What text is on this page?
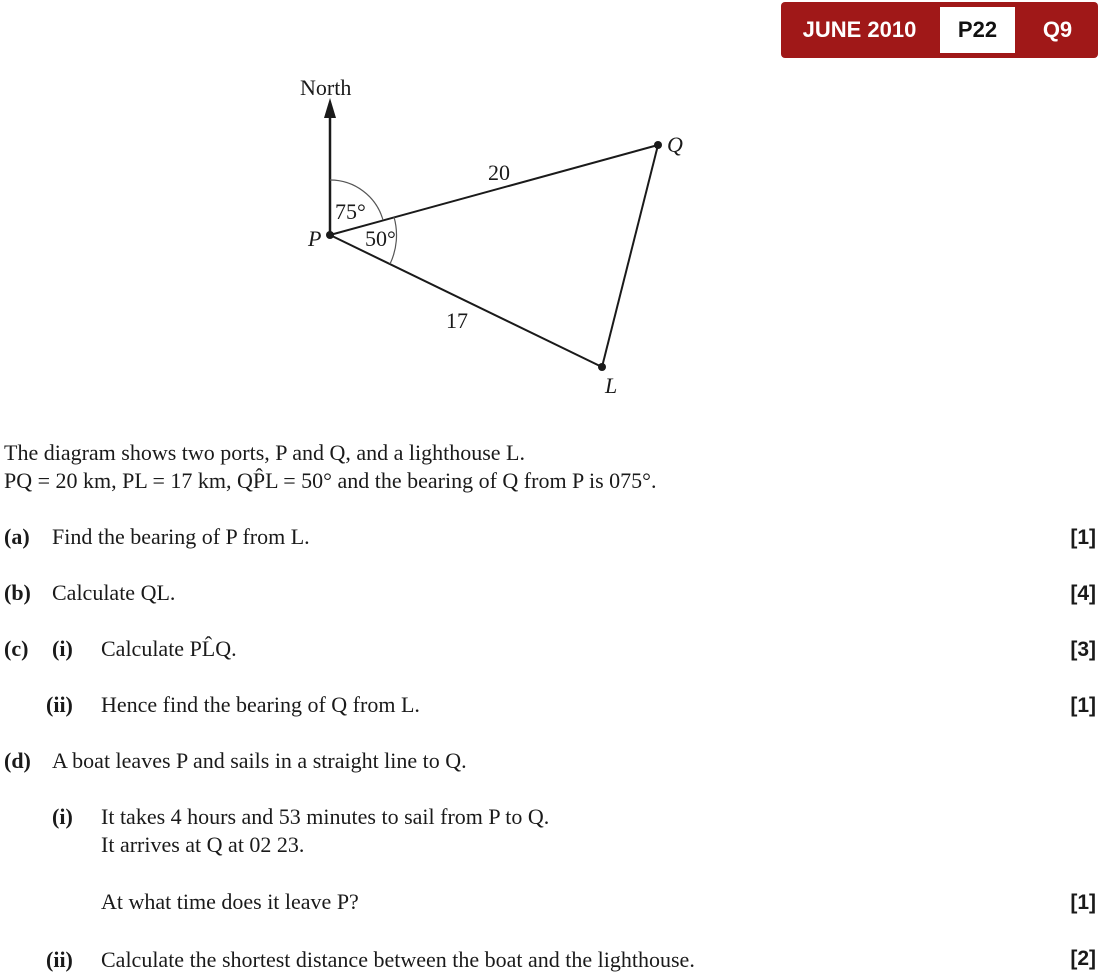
JUNE 2010	P22	Q9
North
P
Q
L
20
17
75°
50°
The diagram shows two ports, P and Q, and a lighthouse L.
PQ = 20 km, PL = 17 km, QP̂L = 50° and the bearing of Q from P is 075°.
(a) Find the bearing of P from L.	[1]
(b) Calculate QL.	[4]
(c) (i) Calculate PL̂Q.	[3]
(ii) Hence find the bearing of Q from L.	[1]
(d) A boat leaves P and sails in a straight line to Q.
(i) It takes 4 hours and 53 minutes to sail from P to Q.
It arrives at Q at 02 23.
At what time does it leave P?	[1]
(ii) Calculate the shortest distance between the boat and the lighthouse.	[2]
